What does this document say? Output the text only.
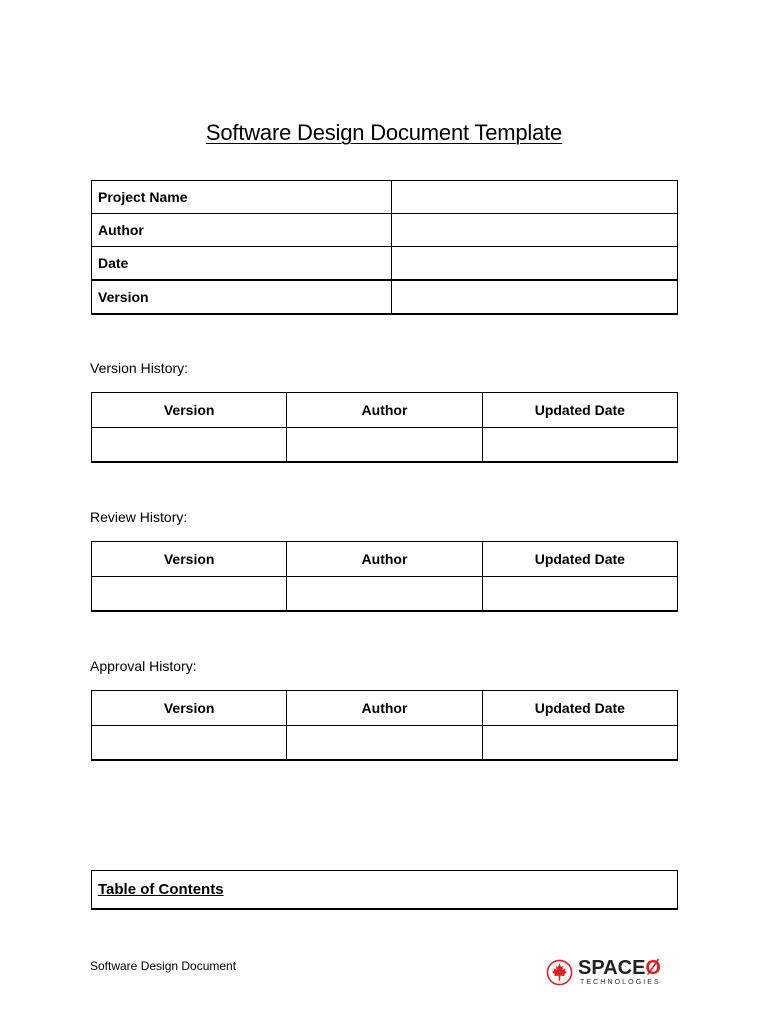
Software Design Document Template
Project Name	
Author	
Date	
Version	
Version History:
Version	Author	Updated Date

Review History:
Version	Author	Updated Date

Approval History:
Version	Author	Updated Date

Table of Contents
Software Design Document	SPACEØ
TECHNOLOGIES
